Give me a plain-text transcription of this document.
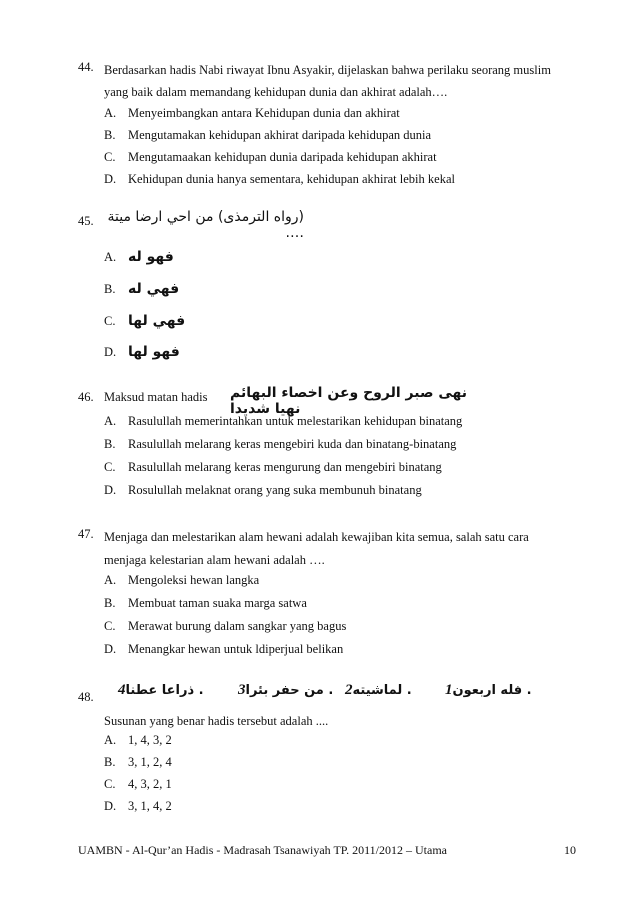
44. Berdasarkan hadis Nabi riwayat Ibnu Asyakir, dijelaskan bahwa perilaku seorang muslim
yang baik dalam memandang kehidupan dunia dan akhirat adalah….
A. Menyeimbangkan antara Kehidupan dunia dan akhirat
B. Mengutamakan kehidupan akhirat daripada kehidupan dunia
C. Mengutamaakan kehidupan dunia daripada kehidupan akhirat
D. Kehidupan dunia hanya sementara, kehidupan akhirat lebih kekal
45.	(رواه الترمذى) من احي ارضا ميتة ….
A. فهو له
B. فهي له
C. فهي لها
D. فهو لها
46. Maksud matan hadis نهى صبر الروح وعن اخصاء البهائم نهيا شديدا
A. Rasulullah memerintahkan untuk melestarikan kehidupan binatang
B. Rasulullah melarang keras mengebiri kuda dan binatang-binatang
C. Rasulullah melarang keras mengurung dan mengebiri binatang
D. Rosulullah melaknat orang yang suka membunuh binatang
47. Menjaga dan melestarikan alam hewani adalah kewajiban kita semua, salah satu cara
menjaga kelestarian alam hewani adalah ….
A. Mengoleksi hewan langka
B. Membuat taman suaka marga satwa
C. Merawat burung dalam sangkar yang bagus
D. Menangkar hewan untuk ldiperjual belikan
48.	. فله اربعون1
. لماشيته2
. من حفر بئرا3
. ذراعا عطنا4
Susunan yang benar hadis tersebut adalah ....
A. 1, 4, 3, 2
B. 3, 1, 2, 4
C. 4, 3, 2, 1
D. 3, 1, 4, 2
UAMBN - Al-Qur’an Hadis - Madrasah Tsanawiyah TP. 2011/2012 – Utama	10
